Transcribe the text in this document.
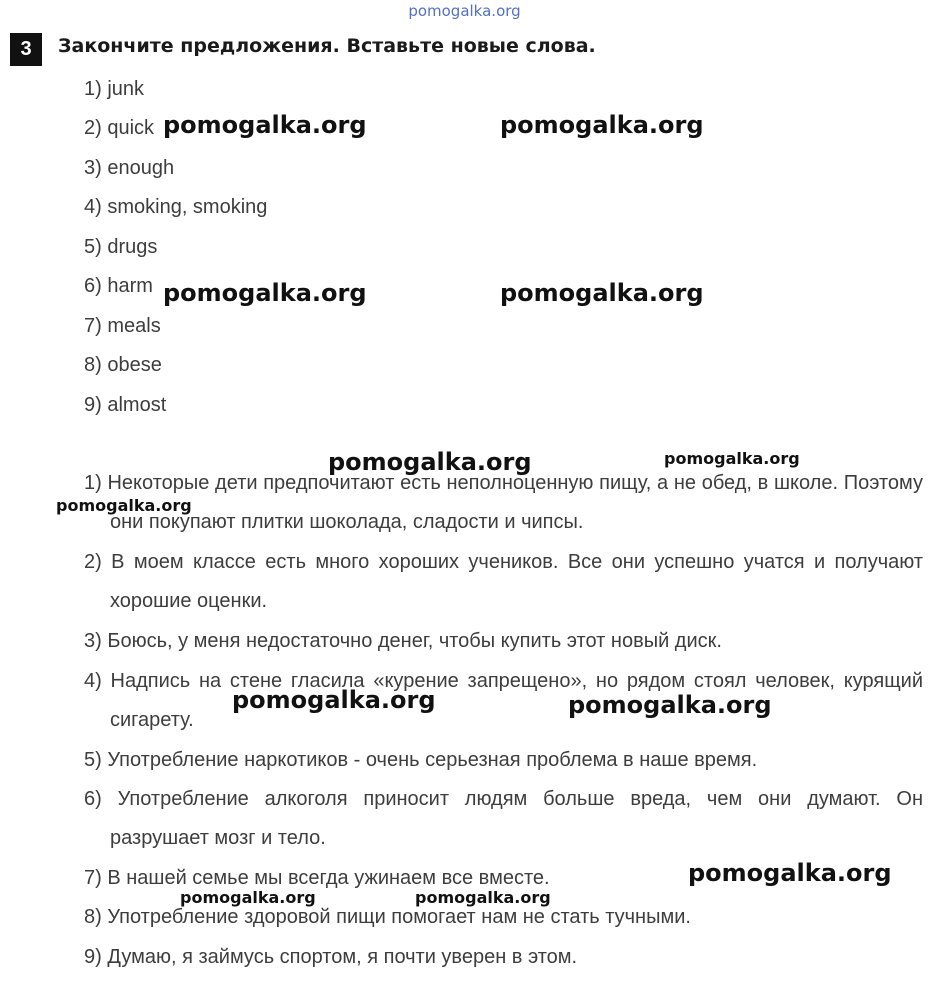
pomogalka.org
3	Закончите предложения. Вставьте новые слова.
1) junk
2) quick
3) enough
4) smoking, smoking
5) drugs
6) harm
7) meals
8) obese
9) almost
1) Некоторые дети предпочитают есть неполноценную пищу, а не обед, в школе. Поэтому они покупают плитки шоколада, сладости и чипсы.
2) В моем классе есть много хороших учеников. Все они успешно учатся и получают хорошие оценки.
3) Боюсь, у меня недостаточно денег, чтобы купить этот новый диск.
4) Надпись на стене гласила «курение запрещено», но рядом стоял человек, курящий сигарету.
5) Употребление наркотиков - очень серьезная проблема в наше время.
6) Употребление алкоголя приносит людям больше вреда, чем они думают. Он разрушает мозг и тело.
7) В нашей семье мы всегда ужинаем все вместе.
8) Употребление здоровой пищи помогает нам не стать тучными.
9) Думаю, я займусь спортом, я почти уверен в этом.
pomogalka.org	pomogalka.org
pomogalka.org	pomogalka.org
pomogalka.org	pomogalka.org
pomogalka.org
pomogalka.org	pomogalka.org
pomogalka.org
pomogalka.org	pomogalka.org
